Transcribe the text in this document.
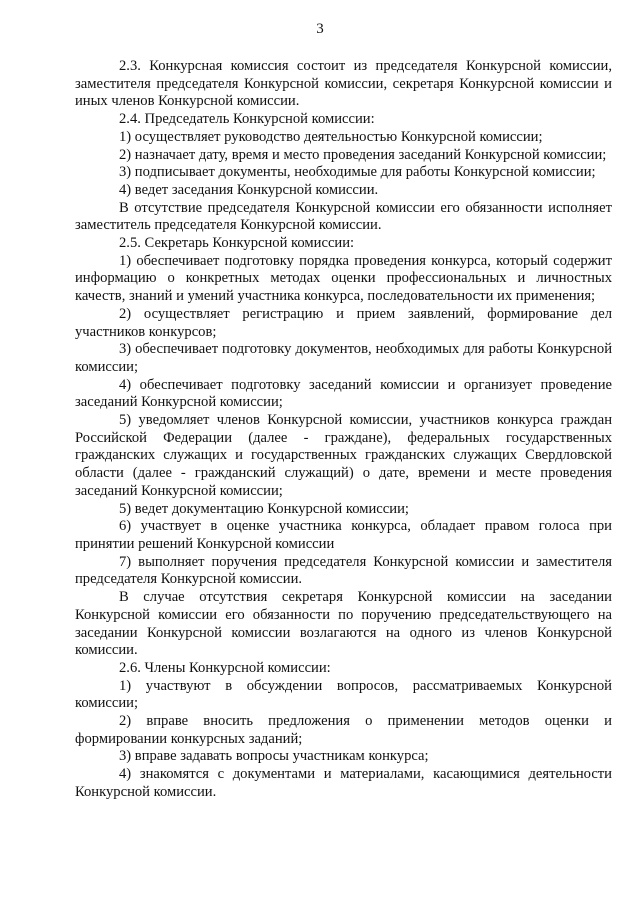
3

2.3. Конкурсная комиссия состоит из председателя Конкурсной комиссии, заместителя председателя Конкурсной комиссии, секретаря Конкурсной комиссии и иных членов Конкурсной комиссии.

2.4. Председатель Конкурсной комиссии:

1) осуществляет руководство деятельностью Конкурсной комиссии;

2) назначает дату, время и место проведения заседаний Конкурсной комиссии;

3) подписывает документы, необходимые для работы Конкурсной комиссии;

4) ведет заседания Конкурсной комиссии.

В отсутствие председателя Конкурсной комиссии его обязанности исполняет заместитель председателя Конкурсной комиссии.

2.5. Секретарь Конкурсной комиссии:

1) обеспечивает подготовку порядка проведения конкурса, который содержит информацию о конкретных методах оценки профессиональных и личностных качеств, знаний и умений участника конкурса, последовательности их применения;

2) осуществляет регистрацию и прием заявлений, формирование дел участников конкурсов;

3) обеспечивает подготовку документов, необходимых для работы Конкурсной комиссии;

4) обеспечивает подготовку заседаний комиссии и организует проведение заседаний Конкурсной комиссии;

5) уведомляет членов Конкурсной комиссии, участников конкурса граждан Российской Федерации (далее - граждане), федеральных государственных гражданских служащих и государственных гражданских служащих Свердловской области (далее - гражданский служащий) о дате, времени и месте проведения заседаний Конкурсной комиссии;

5) ведет документацию Конкурсной комиссии;

6) участвует в оценке участника конкурса, обладает правом голоса при принятии решений Конкурсной комиссии

7) выполняет поручения председателя Конкурсной комиссии и заместителя председателя Конкурсной комиссии.

В случае отсутствия секретаря Конкурсной комиссии на заседании Конкурсной комиссии его обязанности по поручению председательствующего на заседании Конкурсной комиссии возлагаются на одного из членов Конкурсной комиссии.

2.6. Члены Конкурсной комиссии:

1) участвуют в обсуждении вопросов, рассматриваемых Конкурсной комиссии;

2) вправе вносить предложения о применении методов оценки и формировании конкурсных заданий;

3) вправе задавать вопросы участникам конкурса;

4) знакомятся с документами и материалами, касающимися деятельности Конкурсной комиссии.
